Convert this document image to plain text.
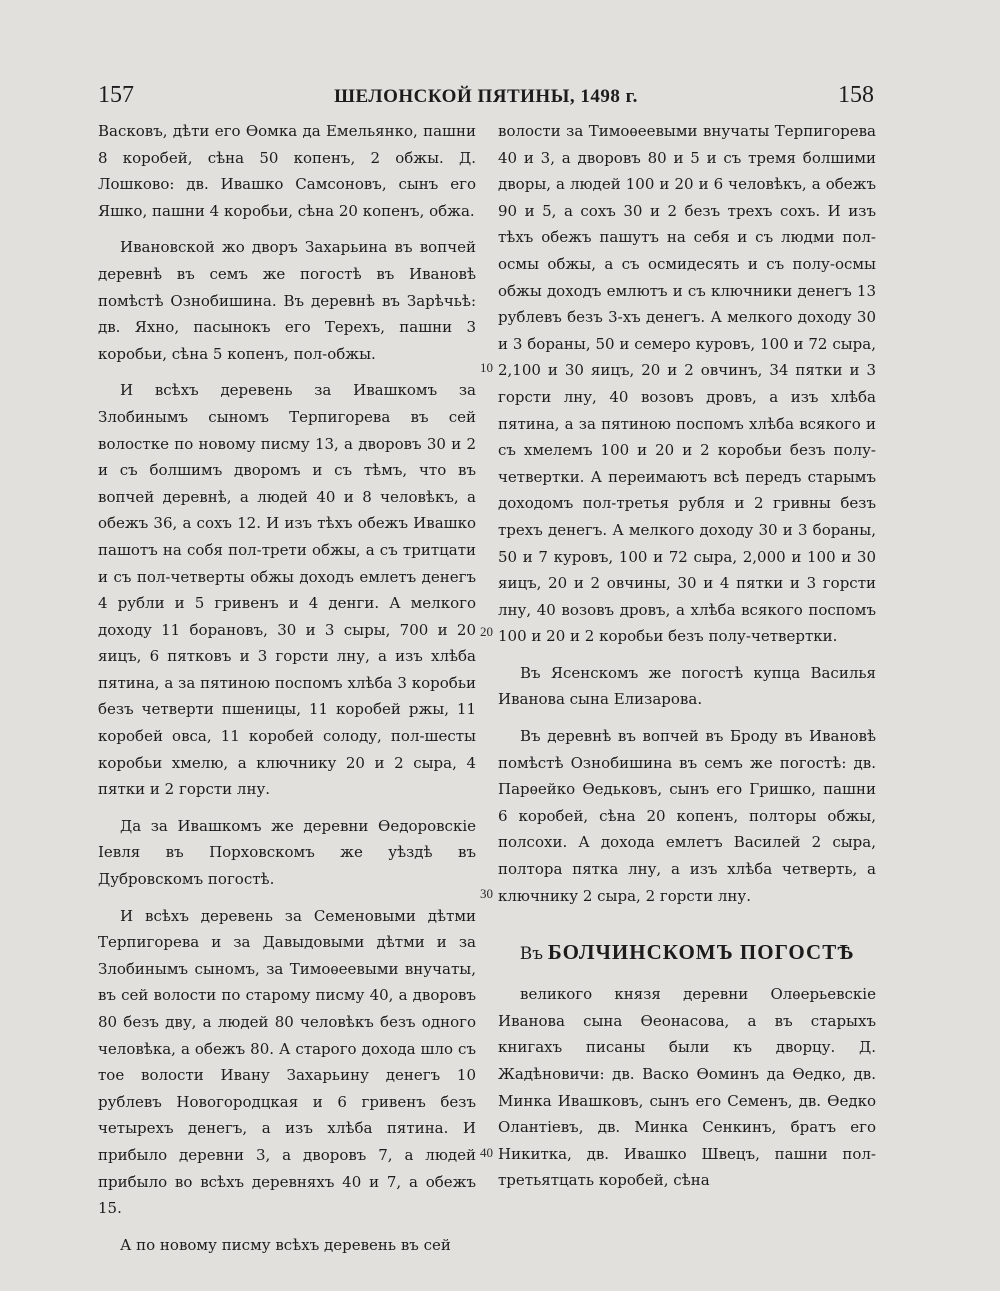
157	ШЕЛОНСКОЙ ПЯТИНЫ, 1498 г.	158

Васковъ, дѣти его Ѳомка да Емельянко, пашни 8 коробей, сѣна 50 копенъ, 2 обжы. Д. Лошково: дв. Ивашко Самсоновъ, сынъ его Яшко, пашни 4 коробьи, сѣна 20 копенъ, обжа.

Ивановской жо дворъ Захарьина въ вопчей деревнѣ въ семъ же погостѣ въ Ивановѣ помѣстѣ Ознобишина. Въ деревнѣ въ Зарѣчьѣ: дв. Яхно, пасынокъ его Терехъ, пашни 3 коробьи, сѣна 5 копенъ, пол-обжы.

И всѣхъ деревень за Ивашкомъ за Злобинымъ сыномъ Терпигорева въ сей волостке по новому писму 13, а дворовъ 30 и 2 и съ болшимъ дворомъ и съ тѣмъ, что въ вопчей деревнѣ, а людей 40 и 8 человѣкъ, а обежъ 36, а сохъ 12. И изъ тѣхъ обежъ Ивашко пашотъ на собя пол-трети обжы, а съ тритцати и съ пол-четверты обжы доходъ емлетъ денегъ 4 рубли и 5 гривенъ и 4 денги. А мелкого доходу 11 борановъ, 30 и 3 сыры, 700 и 20 яицъ, 6 пятковъ и 3 горсти лну, а изъ хлѣба пятина, а за пятиною поспомъ хлѣба 3 коробьи безъ четверти пшеницы, 11 коробей ржы, 11 коробей овса, 11 коробей солоду, пол-шесты коробьи хмелю, а ключнику 20 и 2 сыра, 4 пятки и 2 горсти лну.

Да за Ивашкомъ же деревни Ѳедоровскіе Іевля въ Порховскомъ же уѣздѣ въ Дубровскомъ погостѣ.

И всѣхъ деревень за Семеновыми дѣтми Терпигорева и за Давыдовыми дѣтми и за Злобинымъ сыномъ, за Тимоѳеевыми внучаты, въ сей волости по старому писму 40, а дворовъ 80 безъ дву, а людей 80 человѣкъ безъ одного человѣка, а обежъ 80. А старого дохода шло съ тое волости Ивану Захарьину денегъ 10 рублевъ Новогородцкая и 6 гривенъ безъ четырехъ денегъ, а изъ хлѣба пятина. И прибыло деревни 3, а дворовъ 7, а людей прибыло во всѣхъ деревняхъ 40 и 7, а обежъ 15.

А по новому писму всѣхъ деревень въ сей

10
20
30
40

волости за Тимоѳеевыми внучаты Терпигорева 40 и 3, а дворовъ 80 и 5 и съ тремя болшими дворы, а людей 100 и 20 и 6 человѣкъ, а обежъ 90 и 5, а сохъ 30 и 2 безъ трехъ сохъ. И изъ тѣхъ обежъ пашутъ на себя и съ людми пол-осмы обжы, а съ осмидесять и съ полу-осмы обжы доходъ емлютъ и съ ключники денегъ 13 рублевъ безъ 3-хъ денегъ. А мелкого доходу 30 и 3 бораны, 50 и семеро куровъ, 100 и 72 сыра, 2,100 и 30 яицъ, 20 и 2 овчинъ, 34 пятки и 3 горсти лну, 40 возовъ дровъ, а изъ хлѣба пятина, а за пятиною поспомъ хлѣба всякого и съ хмелемъ 100 и 20 и 2 коробьи безъ полу-четвертки. А переимаютъ всѣ передъ старымъ доходомъ пол-третья рубля и 2 гривны безъ трехъ денегъ. А мелкого доходу 30 и 3 бораны, 50 и 7 куровъ, 100 и 72 сыра, 2,000 и 100 и 30 яицъ, 20 и 2 овчины, 30 и 4 пятки и 3 горсти лну, 40 возовъ дровъ, а хлѣба всякого поспомъ 100 и 20 и 2 коробьи безъ полу-четвертки.

Въ Ясенскомъ же погостѣ купца Василья Иванова сына Елизарова.

Въ деревнѣ въ вопчей въ Броду въ Ивановѣ помѣстѣ Ознобишина въ семъ же погостѣ: дв. Парѳейко Ѳедьковъ, сынъ его Гришко, пашни 6 коробей, сѣна 20 копенъ, полторы обжы, полсохи. А дохода емлетъ Василей 2 сыра, полтора пятка лну, а изъ хлѣба четверть, а ключнику 2 сыра, 2 горсти лну.

Въ БОЛЧИНСКОМЪ ПОГОСТѢ

великого князя деревни Олѳерьевскіе Иванова сына Ѳеонасова, а въ старыхъ книгахъ писаны были къ дворцу. Д. Жадѣновичи: дв. Васко Ѳоминъ да Ѳедко, дв. Минка Ивашковъ, сынъ его Семенъ, дв. Ѳедко Олантіевъ, дв. Минка Сенкинъ, братъ его Никитка, дв. Ивашко Швецъ, пашни пол-третьятцать коробей, сѣна
